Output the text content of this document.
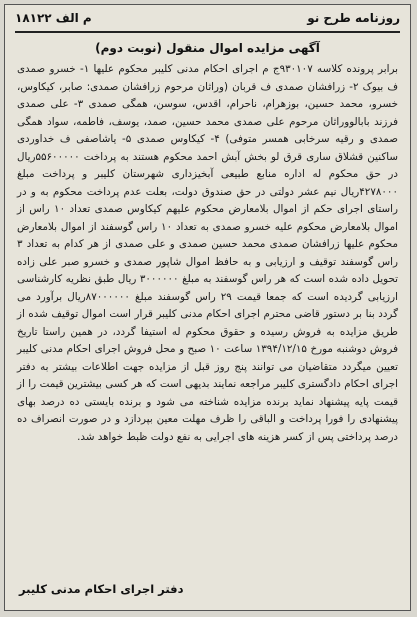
م الف ۱۸۱۲۲	روزنامه طرح نو
آگهی مزایده اموال منقول (نوبت دوم)
برابر پرونده کلاسه ۹۳۰۱۰۷ج م اجرای احکام مدنی کلیبر محکوم علیها ۱- خسرو صمدی ف بیوک ۲- زرافشان صمدی ف قربان (وراثان مرحوم زرافشان صمدی: صابر، کیکاوس، خسرو، محمد حسین، بوزهرام، ناحرام، اقدس، سوسن، همگی صمدی ۳- علی صمدی فرزند بابالووراثان مرحوم علی صمدی محمد حسین، صمد، یوسف، فاطمه، سواد همگی صمدی و رقیه سرخابی همسر متوفی) ۴- کیکاوس صمدی ۵- یاشاصفی ف خداوردی ساکنین قشلاق ساری قرق لو بخش آبش احمد محکوم هستند به پرداخت ۵۵۶۰۰۰۰۰ریال در حق محکوم له اداره منابع طبیعی آبخیزداری شهرستان کلیبر و پرداخت مبلغ ۴۲۷۸۰۰۰ریال نیم عشر دولتی در حق صندوق دولت، بعلت عدم پرداخت محکوم به و در راستای اجرای حکم از اموال بلامعارض محکوم علیهم کیکاوس صمدی تعداد ۱۰ راس از اموال بلامعارض محکوم علیه خسرو صمدی به تعداد ۱۰ راس گوسفند از اموال بلامعارض محکوم علیها زرافشان صمدی محمد حسین صمدی و علی صمدی از هر کدام به تعداد ۳ راس گوسفند توقیف و ارزیابی و به حافظ اموال شاپور صمدی و خسرو صبر علی زاده تحویل داده شده است که هر راس گوسفند به مبلغ ۳۰۰۰۰۰۰ ریال طبق نظریه کارشناسی ارزیابی گردیده است که جمعا قیمت ۲۹ راس گوسفند مبلغ ۸۷۰۰۰۰۰۰ریال برآورد می گردد بنا بر دستور قاضی محترم اجرای احکام مدنی کلیبر قرار است اموال توقیف شده از طریق مزایده به فروش رسیده و حقوق محکوم له استیفا گردد، در همین راستا تاریخ فروش دوشنبه مورخ ۱۳۹۴/۱۲/۱۵ ساعت ۱۰ صبح و محل فروش اجرای احکام مدنی کلیبر تعیین میگردد متقاضیان می توانند پنج روز قبل از مزایده جهت اطلاعات بیشتر به دفتر اجرای احکام دادگستری کلیبر مراجعه نمایند بدیهی است که هر کسی بیشترین قیمت را از قیمت پایه پیشنهاد نماید برنده مزایده شناخته می شود و برنده بایستی ده درصد بهای پیشنهادی را فورا پرداخت و الباقی را ظرف مهلت معین بپردازد و در صورت انصراف ده درصد پرداختی پس از کسر هزینه های اجرایی به نفع دولت ظبط خواهد شد.
دفتر اجرای احکام مدنی کلیبر
